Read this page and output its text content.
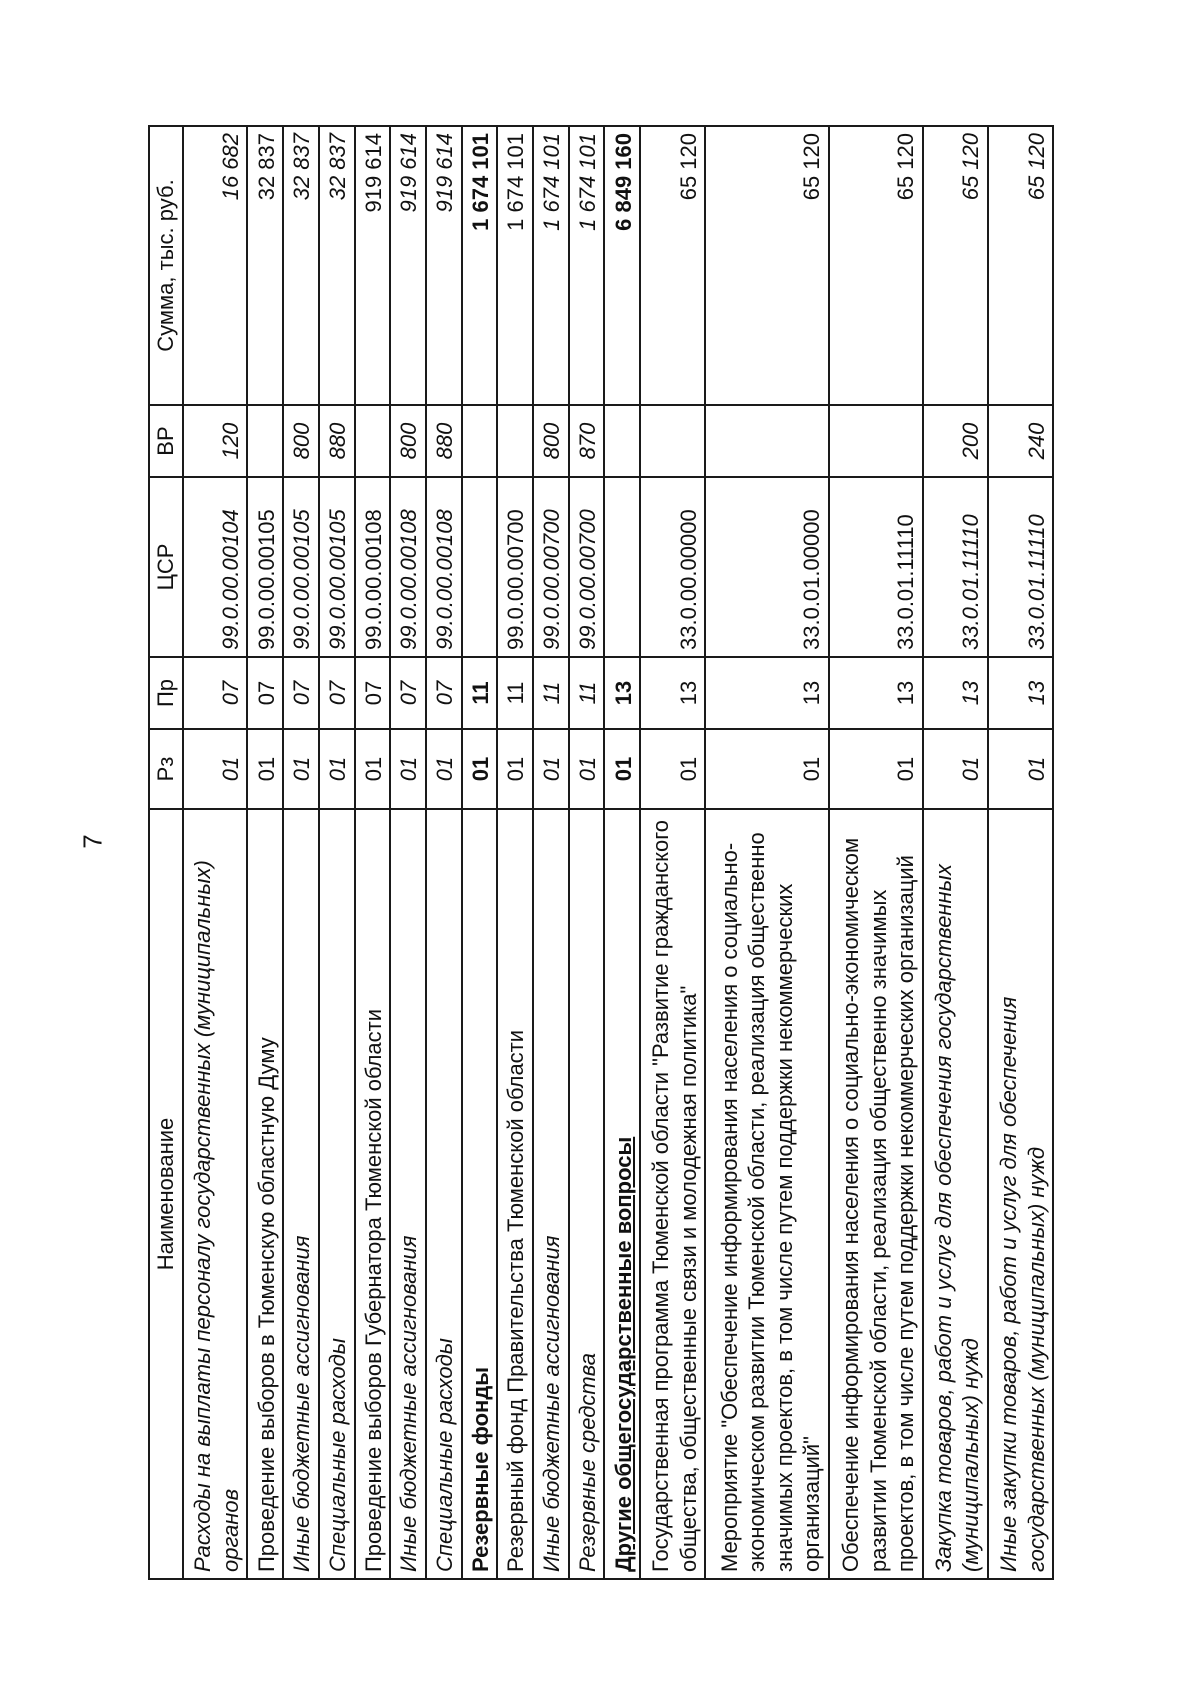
7
Наименование	Рз	Пр	ЦСР	ВР	Сумма, тыс. руб.
Расходы на выплаты персоналу государственных (муниципальных) органов	01	07	99.0.00.00104	120	16 682
Проведение выборов в Тюменскую областную Думу	01	07	99.0.00.00105		32 837
Иные бюджетные ассигнования	01	07	99.0.00.00105	800	32 837
Специальные расходы	01	07	99.0.00.00105	880	32 837
Проведение выборов Губернатора Тюменской области	01	07	99.0.00.00108		919 614
Иные бюджетные ассигнования	01	07	99.0.00.00108	800	919 614
Специальные расходы	01	07	99.0.00.00108	880	919 614
Резервные фонды	01	11			1 674 101
Резервный фонд Правительства Тюменской области	01	11	99.0.00.00700		1 674 101
Иные бюджетные ассигнования	01	11	99.0.00.00700	800	1 674 101
Резервные средства	01	11	99.0.00.00700	870	1 674 101
Другие общегосударственные вопросы	01	13			6 849 160
Государственная программа Тюменской области "Развитие гражданского общества, общественные связи и молодежная политика"	01	13	33.0.00.00000		65 120
Мероприятие "Обеспечение информирования населения о социально-экономическом развитии Тюменской области, реализация общественно значимых проектов, в том числе путем поддержки некоммерческих организаций"	01	13	33.0.01.00000		65 120
Обеспечение информирования населения о социально-экономическом развитии Тюменской области, реализация общественно значимых проектов, в том числе путем поддержки некоммерческих организаций	01	13	33.0.01.11110		65 120
Закупка товаров, работ и услуг для обеспечения государственных (муниципальных) нужд	01	13	33.0.01.11110	200	65 120
Иные закупки товаров, работ и услуг для обеспечения государственных (муниципальных) нужд	01	13	33.0.01.11110	240	65 120
